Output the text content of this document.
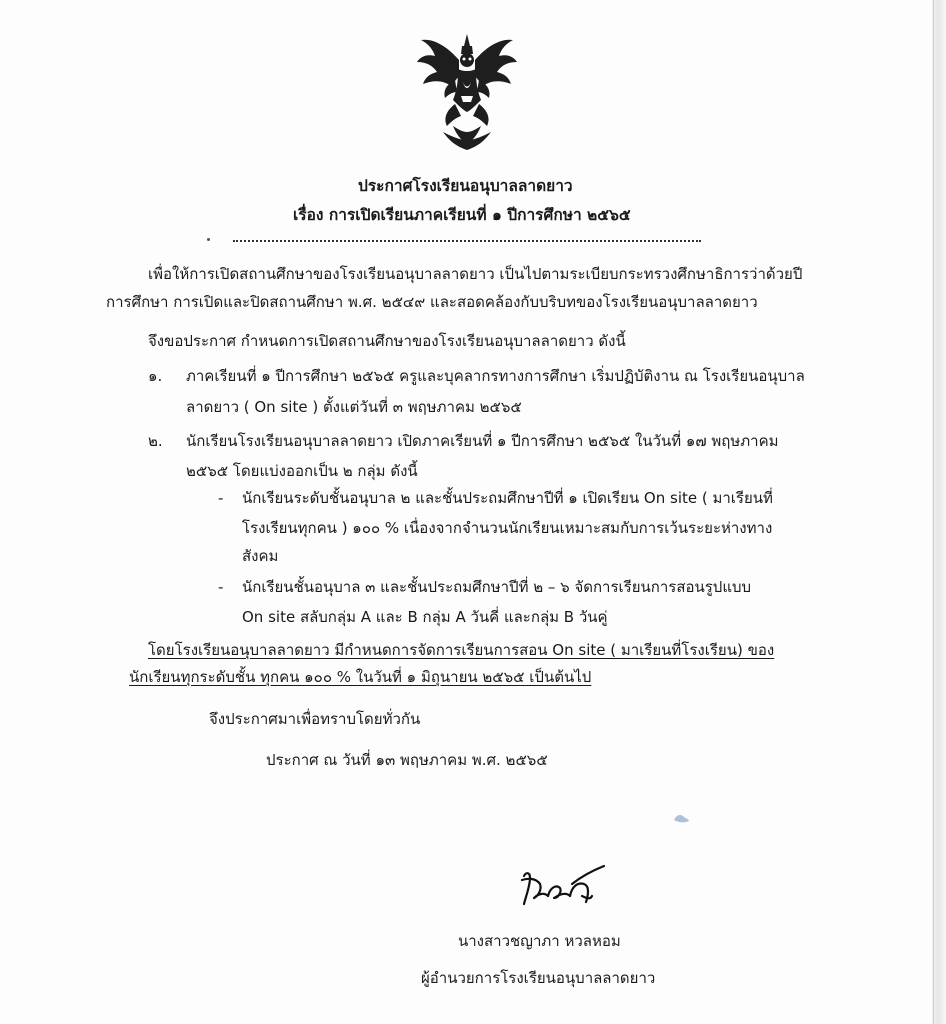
ประกาศโรงเรียนอนุบาลลาดยาว
เรื่อง การเปิดเรียนภาคเรียนที่ ๑ ปีการศึกษา ๒๕๖๕
เพื่อให้การเปิดสถานศึกษาของโรงเรียนอนุบาลลาดยาว เป็นไปตามระเบียบกระทรวงศึกษาธิการว่าด้วยปี
การศึกษา การเปิดและปิดสถานศึกษา พ.ศ. ๒๕๔๙ และสอดคล้องกับบริบทของโรงเรียนอนุบาลลาดยาว
จึงขอประกาศ กำหนดการเปิดสถานศึกษาของโรงเรียนอนุบาลลาดยาว ดังนี้
๑. ภาคเรียนที่ ๑ ปีการศึกษา ๒๕๖๕ ครูและบุคลากรทางการศึกษา เริ่มปฏิบัติงาน ณ โรงเรียนอนุบาล
ลาดยาว ( On site ) ตั้งแต่วันที่ ๓ พฤษภาคม ๒๕๖๕
๒. นักเรียนโรงเรียนอนุบาลลาดยาว เปิดภาคเรียนที่ ๑ ปีการศึกษา ๒๕๖๕ ในวันที่ ๑๗ พฤษภาคม
๒๕๖๕ โดยแบ่งออกเป็น ๒ กลุ่ม ดังนี้
- นักเรียนระดับชั้นอนุบาล ๒ และชั้นประถมศึกษาปีที่ ๑ เปิดเรียน On site ( มาเรียนที่
โรงเรียนทุกคน ) ๑๐๐ % เนื่องจากจำนวนนักเรียนเหมาะสมกับการเว้นระยะห่างทาง
สังคม
- นักเรียนชั้นอนุบาล ๓ และชั้นประถมศึกษาปีที่ ๒ – ๖ จัดการเรียนการสอนรูปแบบ
On site สลับกลุ่ม A และ B กลุ่ม A วันคี่ และกลุ่ม B วันคู่
โดยโรงเรียนอนุบาลลาดยาว มีกำหนดการจัดการเรียนการสอน On site ( มาเรียนที่โรงเรียน) ของ
นักเรียนทุกระดับชั้น ทุกคน ๑๐๐ % ในวันที่ ๑ มิถุนายน ๒๕๖๕ เป็นต้นไป
จึงประกาศมาเพื่อทราบโดยทั่วกัน
ประกาศ ณ วันที่ ๑๓ พฤษภาคม พ.ศ. ๒๕๖๕
นางสาวชญาภา หวลหอม
ผู้อำนวยการโรงเรียนอนุบาลลาดยาว
